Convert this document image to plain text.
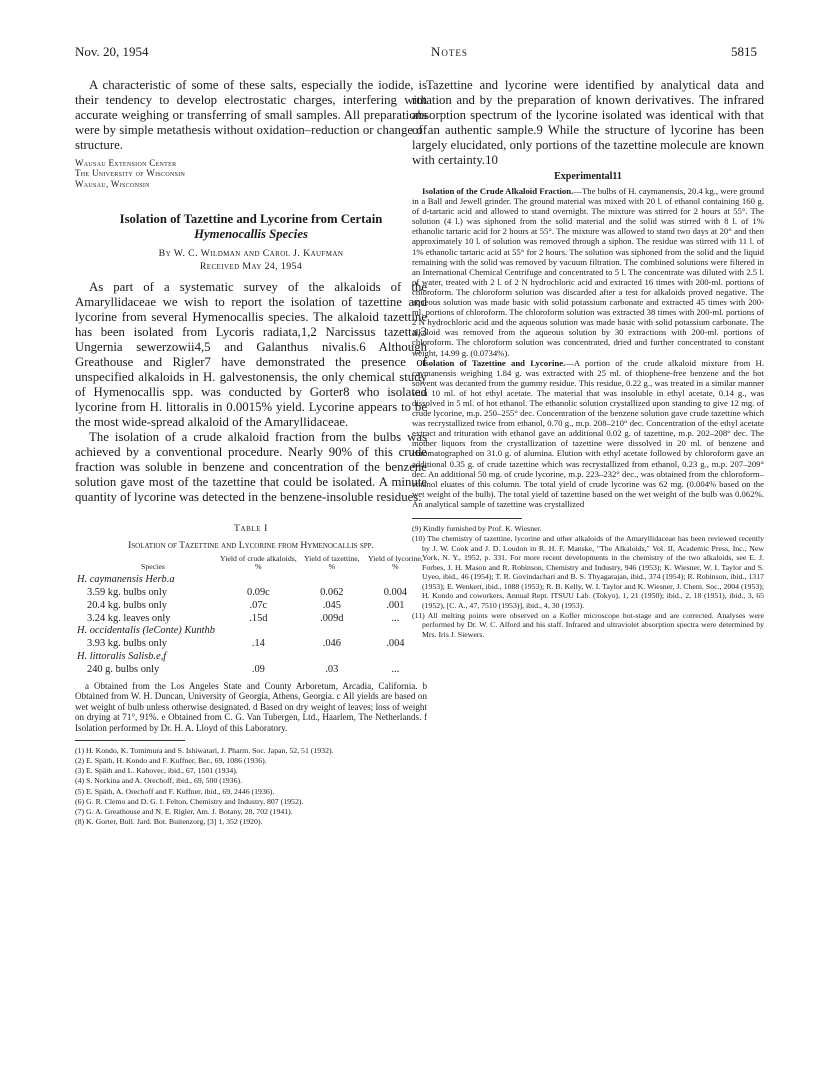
Nov. 20, 1954	Notes	5815

A characteristic of some of these salts, especially the iodide, is their tendency to develop electrostatic charges, interfering with accurate weighing or transferring of small samples. All preparations were by simple metathesis without oxidation–reduction or change of structure.

Wausau Extension Center
The University of Wisconsin
Wausau, Wisconsin
Isolation of Tazettine and Lycorine from Certain
Hymenocallis Species
By W. C. Wildman and Carol J. Kaufman
Received May 24, 1954

As part of a systematic survey of the alkaloids of the Amaryllidaceae we wish to report the isolation of tazettine and lycorine from several Hymenocallis species. The alkaloid tazettine has been isolated from Lycoris radiata,1,2 Narcissus tazetta,3 Ungernia sewerzowii4,5 and Galanthus nivalis.6 Although Greathouse and Rigler7 have demonstrated the presence of unspecified alkaloids in H. galvestonensis, the only chemical study of Hymenocallis spp. was conducted by Gorter8 who isolated lycorine from H. littoralis in 0.0015% yield. Lycorine appears to be the most wide-spread alkaloid of the Amaryllidaceae.

The isolation of a crude alkaloid fraction from the bulbs was achieved by a conventional procedure. Nearly 90% of this crude fraction was soluble in benzene and concentration of the benzene solution gave most of the tazettine that could be isolated. A minute quantity of lycorine was detected in the benzene-insoluble residues.

Table I
Isolation of Tazettine and Lycorine from Hymenocallis spp.
Species	Yield of crude alkaloids, %	Yield of tazettine, %	Yield of lycorine, %
H. caymanensis Herb.a			
3.59 kg. bulbs only	0.09c	0.062	0.004
20.4 kg. bulbs only	.07c	.045	.001
3.24 kg. leaves only	.15d	.009d	...
H. occidentalis (leConte) Kunthb			
3.93 kg. bulbs only	.14	.046	.004
H. littoralis Salisb.e,f			
240 g. bulbs only	.09	.03	...

a Obtained from the Los Angeles State and County Arboretum, Arcadia, California. b Obtained from W. H. Duncan, University of Georgia, Athens, Georgia. c All yields are based on wet weight of bulb unless otherwise designated. d Based on dry weight of leaves; loss of weight on drying at 71°, 91%. e Obtained from C. G. Van Tubergen, Ltd., Haarlem, The Netherlands. f Isolation performed by Dr. H. A. Lloyd of this Laboratory.

(1) H. Kondo, K. Tomimura and S. Ishiwatari, J. Pharm. Soc. Japan, 52, 51 (1932).
(2) E. Späth, H. Kondo and F. Kuffner, Ber., 69, 1086 (1936).
(3) E. Späth and L. Kahovec, ibid., 67, 1501 (1934).
(4) S. Norkina and A. Orechoff, ibid., 69, 500 (1936).
(5) E. Späth, A. Orechoff and F. Kuffner, ibid., 69, 2446 (1936).
(6) G. R. Clemo and D. G. I. Felton, Chemistry and Industry, 807 (1952).
(7) G. A. Greathouse and N. E. Rigler, Am. J. Botany, 28, 702 (1941).
(8) K. Gorter, Bull. Jard. Bot. Buitenzorg, [3] 1, 352 (1920).

Tazettine and lycorine were identified by analytical data and rotation and by the preparation of known derivatives. The infrared absorption spectrum of the lycorine isolated was identical with that of an authentic sample.9 While the structure of lycorine has been largely elucidated, only portions of the tazettine molecule are known with certainty.10

Experimental11

Isolation of the Crude Alkaloid Fraction.—The bulbs of H. caymanensis, 20.4 kg., were ground in a Ball and Jewell grinder. The ground material was mixed with 20 l. of ethanol containing 160 g. of d-tartaric acid and allowed to stand overnight. The mixture was stirred for 2 hours at 55°. The solution (4 l.) was siphoned from the solid material and the solid was stirred with 8 l. of 1% ethanolic tartaric acid for 2 hours at 55°. The mixture was allowed to stand two days at 20° and then approximately 10 l. of solution was removed through a siphon. The residue was stirred with 11 l. of 1% ethanolic tartaric acid at 55° for 2 hours. The solution was siphoned from the solid and the liquid remaining with the solid was removed by vacuum filtration. The combined solutions were filtered in an International Chemical Centrifuge and concentrated to 5 l. The concentrate was diluted with 2.5 l. of water, treated with 2 l. of 2 N hydrochloric acid and extracted 16 times with 200-ml. portions of chloroform. The chloroform solution was discarded after a test for alkaloids proved negative. The aqueous solution was made basic with solid potassium carbonate and extracted 45 times with 200-ml. portions of chloroform. The chloroform solution was extracted 38 times with 200-ml. portions of 2 N hydrochloric acid and the aqueous solution was made basic with solid potassium carbonate. The alkaloid was removed from the aqueous solution by 30 extractions with 200-ml. portions of chloroform. The chloroform solution was concentrated, dried and further concentrated to constant weight, 14.99 g. (0.0734%).

Isolation of Tazettine and Lycorine.—A portion of the crude alkaloid mixture from H. caymanensis weighing 1.84 g. was extracted with 25 ml. of thiophene-free benzene and the hot solvent was decanted from the gummy residue. This residue, 0.22 g., was treated in a similar manner with 10 ml. of hot ethyl acetate. The material that was insoluble in ethyl acetate, 0.14 g., was dissolved in 5 ml. of hot ethanol. The ethanolic solution crystallized upon standing to give 12 mg. of crude lycorine, m.p. 250–255° dec. Concentration of the benzene solution gave crude tazettine which was recrystallized twice from ethanol, 0.70 g., m.p. 208–210° dec. Concentration of the ethyl acetate extract and trituration with ethanol gave an additional 0.02 g. of tazettine, m.p. 202–208° dec. The mother liquors from the crystallization of tazettine were dissolved in 20 ml. of benzene and chromatographed on 31.0 g. of alumina. Elution with ethyl acetate followed by chloroform gave an additional 0.35 g. of crude tazettine which was recrystallized from ethanol, 0.23 g., m.p. 207–209° dec. An additional 50 mg. of crude lycorine, m.p. 223–232° dec., was obtained from the chloroform–ethanol eluates of this column. The total yield of crude lycorine was 62 mg. (0.004% based on the wet weight of the bulb). The total yield of tazettine based on the wet weight of the bulb was 0.062%. An analytical sample of tazettine was crystallized

(9) Kindly furnished by Prof. K. Wiesner.
(10) The chemistry of tazettine, lycorine and other alkaloids of the Amaryllidaceae has been reviewed recently by J. W. Cook and J. D. Loudon in R. H. F. Manske, "The Alkaloids," Vol. II, Academic Press, Inc., New York, N. Y., 1952, p. 331. For more recent developments in the chemistry of the two alkaloids, see E. J. Forbes, J. H. Mason and R. Robinson, Chemistry and Industry, 946 (1953); K. Wiesner, W. I. Taylor and S. Uyeo, ibid., 46 (1954); T. R. Govindachari and B. S. Thyagarajan, ibid., 374 (1954); R. Robinson, ibid., 1317 (1953); E. Wenkert, ibid., 1088 (1953); R. B. Kelly, W. I. Taylor and K. Wiesner, J. Chem. Soc., 2004 (1953); H. Kondo and coworkers, Annual Rept. ITSUU Lab. (Tokyo), 1, 21 (1950); ibid., 2, 18 (1951), ibid., 3, 65 (1952), [C. A., 47, 7510 (1953)], ibid., 4, 30 (1953).
(11) All melting points were observed on a Kofler microscope hot-stage and are corrected. Analyses were performed by Dr. W. C. Alford and his staff. Infrared and ultraviolet absorption spectra were determined by Mrs. Iris J. Siewers.
